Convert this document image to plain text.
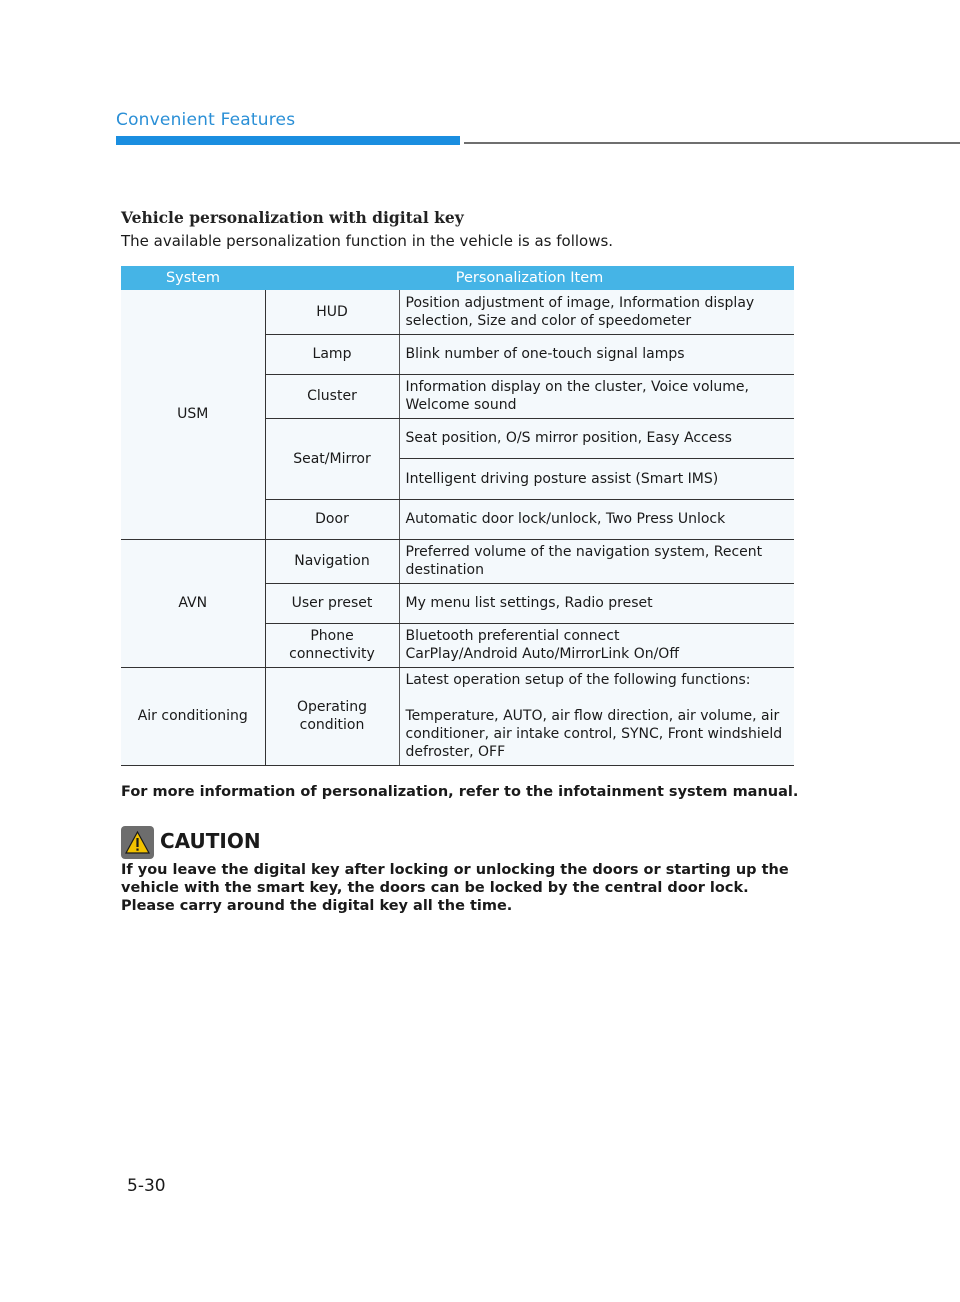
Convenient Features
Vehicle personalization with digital key
The available personalization function in the vehicle is as follows.
System	Personalization Item	
USM	HUD	Position adjustment of image, Information display selection, Size and color of speedometer
	Lamp	Blink number of one-touch signal lamps
	Cluster	Information display on the cluster, Voice volume, Welcome sound
	Seat/Mirror	Seat position, O/S mirror position, Easy Access
		Intelligent driving posture assist (Smart IMS)
	Door	Automatic door lock/unlock, Two Press Unlock
AVN	Navigation	Preferred volume of the navigation system, Recent destination
	User preset	My menu list settings, Radio preset
	Phone connectivity	Bluetooth preferential connect
CarPlay/Android Auto/MirrorLink On/Off
Air conditioning	Operating condition	Latest operation setup of the following functions:
Temperature, AUTO, air flow direction, air volume, air conditioner, air intake control, SYNC, Front windshield defroster, OFF
For more information of personalization, refer to the infotainment system manual.
CAUTION
If you leave the digital key after locking or unlocking the doors or starting up the vehicle with the smart key, the doors can be locked by the central door lock. Please carry around the digital key all the time.
5-30
